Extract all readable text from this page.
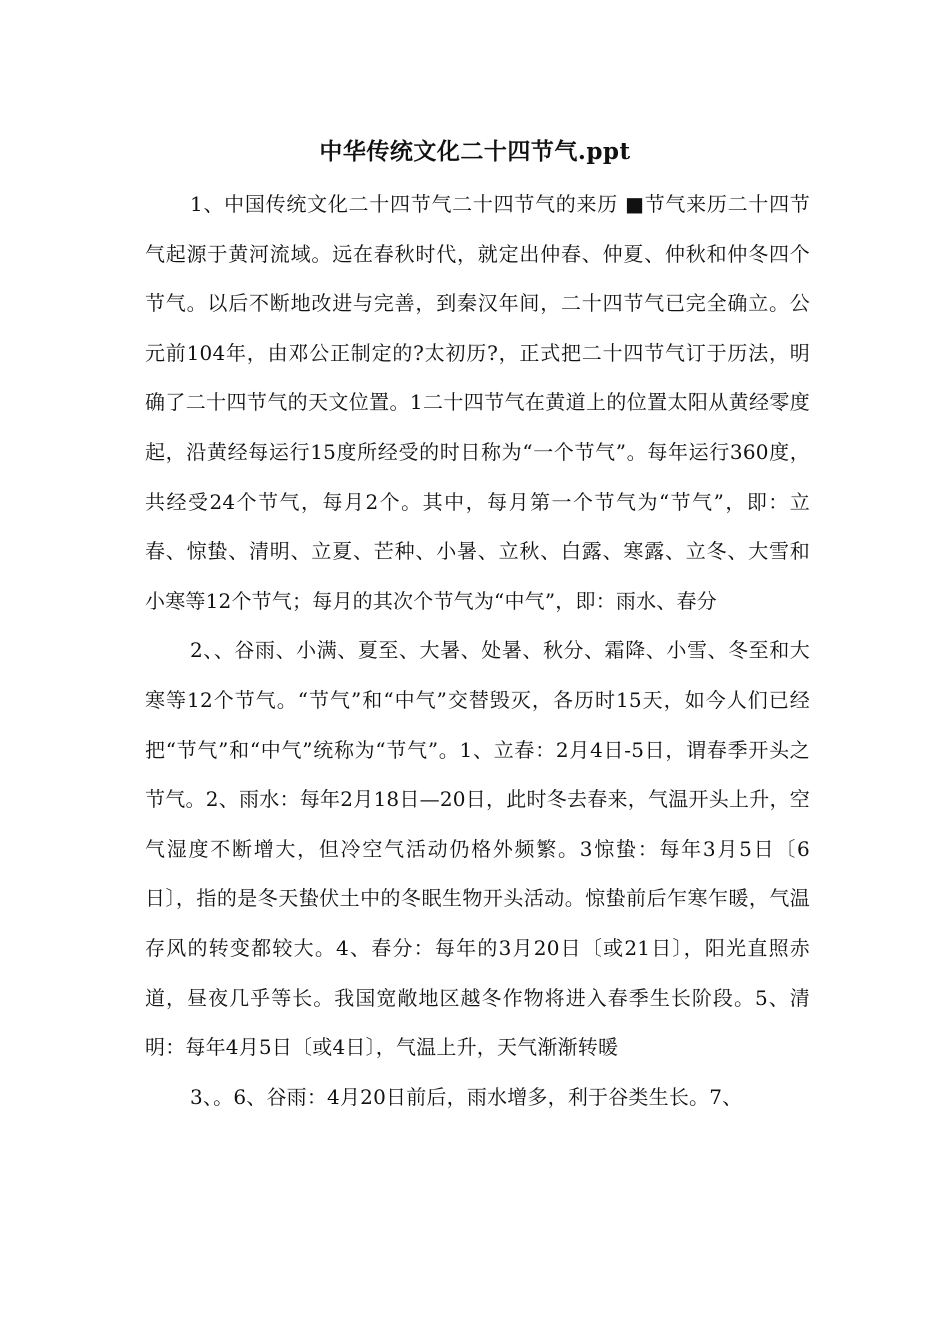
中华传统文化二十四节气.ppt

1、中国传统文化二十四节气二十四节气的来历 ■节气来历二十四节气起源于黄河流域。远在春秋时代，就定出仲春、仲夏、仲秋和仲冬四个节气。以后不断地改进与完善，到秦汉年间，二十四节气已完全确立。公元前104年，由邓公正制定的?太初历?，正式把二十四节气订于历法，明确了二十四节气的天文位置。1二十四节气在黄道上的位置太阳从黄经零度起，沿黄经每运行15度所经受的时日称为“一个节气”。每年运行360度，共经受24个节气，每月2个。其中，每月第一个节气为“节气”，即：立春、惊蛰、清明、立夏、芒种、小暑、立秋、白露、寒露、立冬、大雪和小寒等12个节气；每月的其次个节气为“中气”，即：雨水、春分

2、、谷雨、小满、夏至、大暑、处暑、秋分、霜降、小雪、冬至和大寒等12个节气。“节气”和“中气”交替毁灭，各历时15天，如今人们已经把“节气”和“中气”统称为“节气”。1、立春：2月4日-5日，谓春季开头之节气。2、雨水：每年2月18日—20日，此时冬去春来，气温开头上升，空气湿度不断增大，但冷空气活动仍格外频繁。3惊蛰：每年3月5日〔6日〕，指的是冬天蛰伏土中的冬眠生物开头活动。惊蛰前后乍寒乍暖，气温存风的转变都较大。4、春分：每年的3月20日〔或21日〕，阳光直照赤道，昼夜几乎等长。我国宽敞地区越冬作物将进入春季生长阶段。5、清明：每年4月5日〔或4日〕，气温上升，天气渐渐转暖

3、。6、谷雨：4月20日前后，雨水增多，利于谷类生长。7、
